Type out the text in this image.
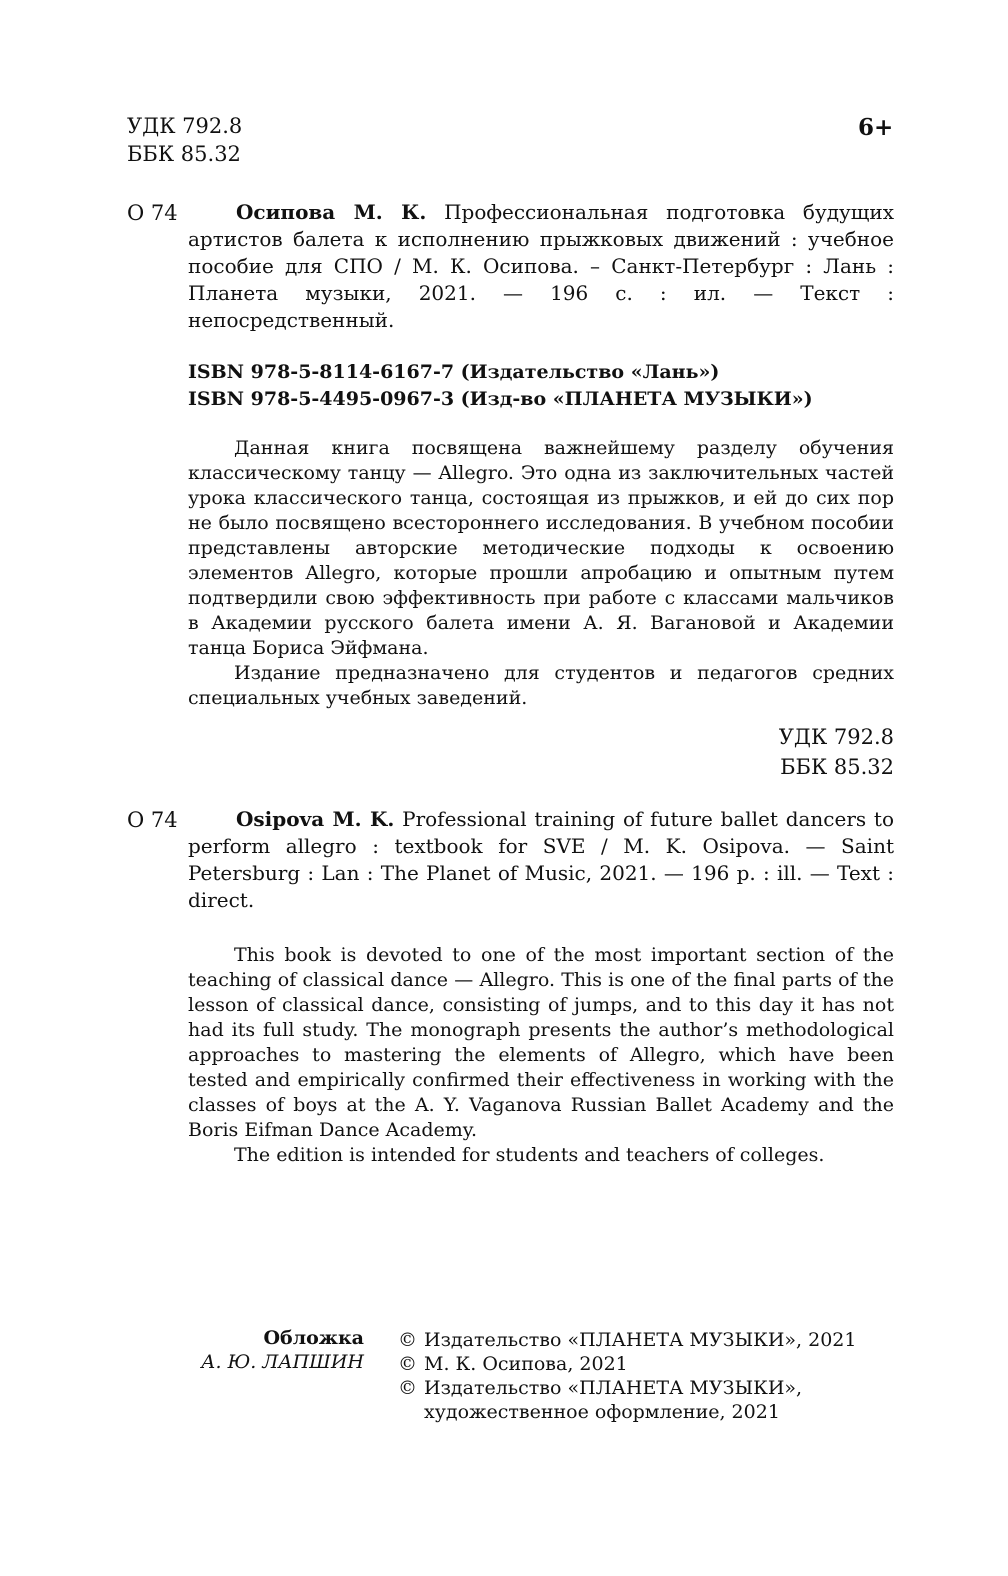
УДК 792.8
ББК 85.32
6+
О 74	Осипова М. К. Профессиональная подготовка будущих артистов балета к исполнению прыжковых движений : учебное пособие для СПО / М. К. Осипова. – Санкт-Петербург : Лань : Планета музыки, 2021. — 196 с. : ил. — Текст : непосредственный.
ISBN 978-5-8114-6167-7 (Издательство «Лань»)
ISBN 978-5-4495-0967-3 (Изд-во «ПЛАНЕТА МУЗЫКИ»)

Данная книга посвящена важнейшему разделу обучения классическому танцу — Allegro. Это одна из заключительных частей урока классического танца, состоящая из прыжков, и ей до сих пор не было посвящено всестороннего исследования. В учебном пособии представлены авторские методические подходы к освоению элементов Allegro, которые прошли апробацию и опытным путем подтвердили свою эффективность при работе с классами мальчиков в Академии русского балета имени А. Я. Вагановой и Академии танца Бориса Эйфмана.

Издание предназначено для студентов и педагогов средних специальных учебных заведений.

УДК 792.8
ББК 85.32
О 74	Osipova M. K. Professional training of future ballet dancers to perform allegro : textbook for SVE / M. K. Osipova. — Saint Petersburg : Lan : The Planet of Music, 2021. — 196 p. : ill. — Text : direct.

This book is devoted to one of the most important section of the teaching of classical dance — Allegro. This is one of the final parts of the lesson of classical dance, consisting of jumps, and to this day it has not had its full study. The monograph presents the author’s methodological approaches to mastering the elements of Allegro, which have been tested and empirically confirmed their effectiveness in working with the classes of boys at the A. Y. Vaganova Russian Ballet Academy and the Boris Eifman Dance Academy.

The edition is intended for students and teachers of colleges.

Обложка
А. Ю. ЛАПШИН
© Издательство «ПЛАНЕТА МУЗЫКИ», 2021
© М. К. Осипова, 2021
© Издательство «ПЛАНЕТА МУЗЫКИ»,
художественное оформление, 2021
